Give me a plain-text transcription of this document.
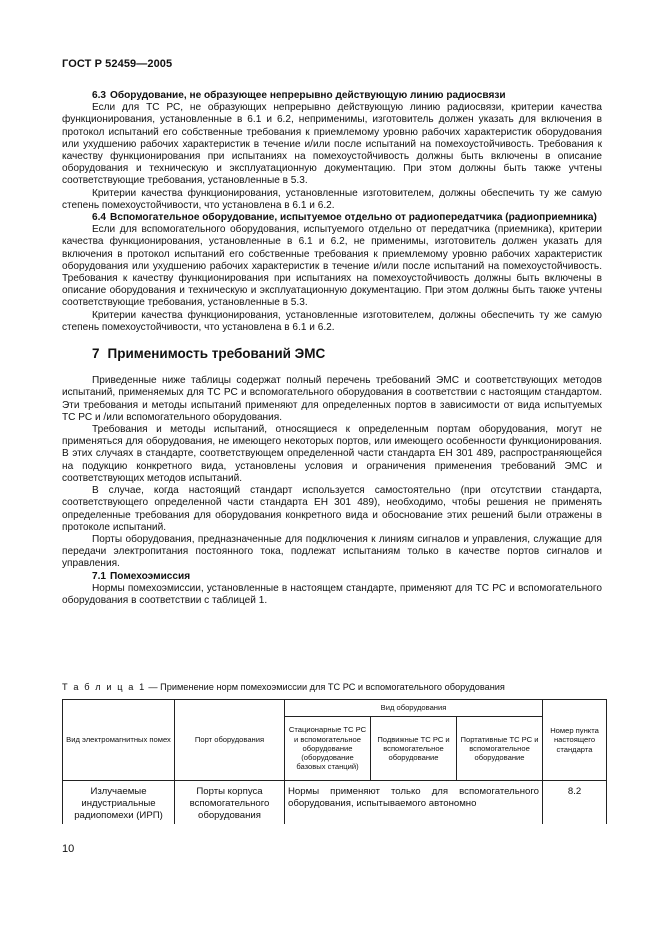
ГОСТ Р 52459—2005

6.3 Оборудование, не образующее непрерывно действующую линию радиосвязи

Если для ТС РС, не образующих непрерывно действующую линию радиосвязи, критерии качества функционирования, установленные в 6.1 и 6.2, неприменимы, изготовитель должен указать для включения в протокол испытаний его собственные требования к приемлемому уровню рабочих характеристик оборудования или ухудшению рабочих характеристик в течение и/или после испытаний на помехоустойчивость. Требования к качеству функционирования при испытаниях на помехоустойчивость должны быть включены в описание оборудования и техническую и эксплуатационную документацию. При этом должны быть также учтены соответствующие требования, установленные в 5.3.

Критерии качества функционирования, установленные изготовителем, должны обеспечить ту же самую степень помехоустойчивости, что установлена в 6.1 и 6.2.

6.4 Вспомогательное оборудование, испытуемое отдельно от радиопередатчика (радиоприемника)

Если для вспомогательного оборудования, испытуемого отдельно от передатчика (приемника), критерии качества функционирования, установленные в 6.1 и 6.2, не применимы, изготовитель должен указать для включения в протокол испытаний его собственные требования к приемлемому уровню рабочих характеристик оборудования или ухудшению рабочих характеристик в течение и/или после испытаний на помехоустойчивость. Требования к качеству функционирования при испытаниях на помехоустойчивость должны быть включены в описание оборудования и техническую и эксплуатационную документацию. При этом должны быть также учтены соответствующие требования, установленные в 5.3.

Критерии качества функционирования, установленные изготовителем, должны обеспечить ту же самую степень помехоустойчивости, что установлена в 6.1 и 6.2.

7 Применимость требований ЭМС

Приведенные ниже таблицы содержат полный перечень требований ЭМС и соответствующих методов испытаний, применяемых для ТС РС и вспомогательного оборудования в соответствии с настоящим стандартом. Эти требования и методы испытаний применяют для определенных портов в зависимости от вида испытуемых ТС РС и /или вспомогательного оборудования.

Требования и методы испытаний, относящиеся к определенным портам оборудования, могут не применяться для оборудования, не имеющего некоторых портов, или имеющего особенности функционирования. В этих случаях в стандарте, соответствующем определенной части стандарта ЕН 301 489, распространяющейся на подукцию конкретного вида, установлены условия и ограничения применения требований ЭМС и соответствующих методов испытаний.

В случае, когда настоящий стандарт используется самостоятельно (при отсутствии стандарта, соответствующего определенной части стандарта ЕН 301 489), необходимо, чтобы решения не применять определенные требования для оборудования конкретного вида и обоснование этих решений были отражены в протоколе испытаний.

Порты оборудования, предназначенные для подключения к линиям сигналов и управления, служащие для передачи электропитания постоянного тока, подлежат испытаниям только в качестве портов сигналов и управления.

7.1 Помехоэмиссия

Нормы помехоэмиссии, установленные в настоящем стандарте, применяют для ТС РС и вспомогательного оборудования в соответствии с таблицей 1.

Т а б л и ц а 1 — Применение норм помехоэмиссии для ТС РС и вспомогательного оборудования
Вид электромагнитных помех	Порт оборудования	Вид оборудования			Номер пункта настоящего стандарта
		Стационарные ТС РС и вспомогательное оборудование (оборудование базовых станций)	Подвижные ТС РС и вспомогательное оборудование	Портативные ТС РС и вспомогательное оборудование	
Излучаемые индустриальные радиопомехи (ИРП)	Порты корпуса вспомогательного оборудования	Нормы применяют только для вспомогательного оборудования, испытываемого автономно			8.2
10
